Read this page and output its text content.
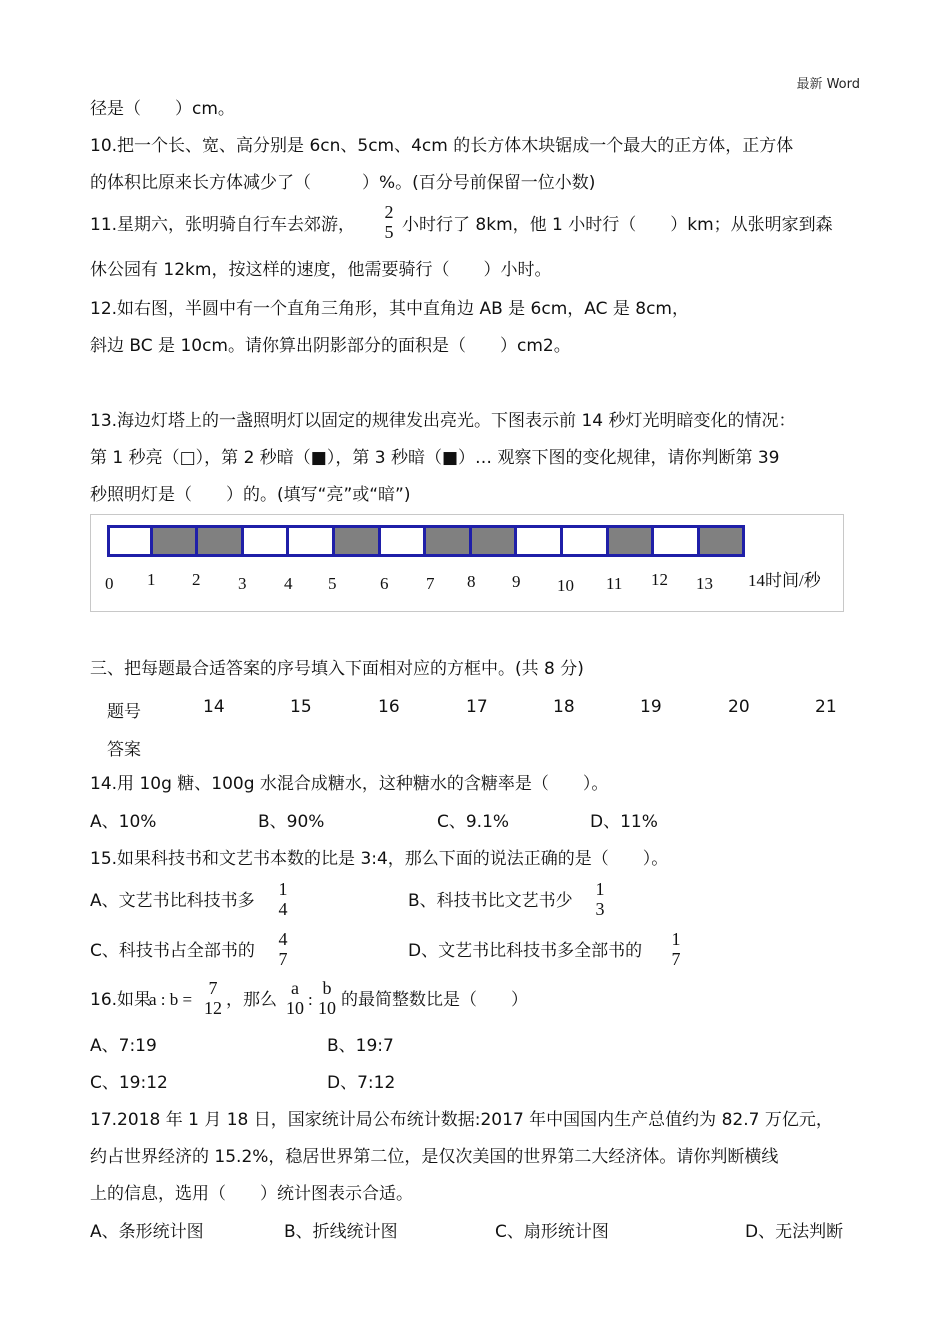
最新 Word
径是（　　）cm。
10.把一个长、宽、高分别是 6cn、5cm、4cm 的长方体木块锯成一个最大的正方体，正方体
的体积比原来长方体减少了（　　　）%。(百分号前保留一位小数)
11.星期六，张明骑自行车去郊游，
2
5 小时行了 8km，他 1 小时行（　　）km；从张明家到森
休公园有 12km，按这样的速度，他需要骑行（　　）小时。
12.如右图，半圆中有一个直角三角形，其中直角边 AB 是 6cm，AC 是 8cm，
斜边 BC 是 10cm。请你算出阴影部分的面积是（　　）cm2。
13.海边灯塔上的一盏照明灯以固定的规律发出亮光。下图表示前 14 秒灯光明暗变化的情况：
第 1 秒亮（□），第 2 秒暗（■），第 3 秒暗（■）… 观察下图的变化规律，请你判断第 39
秒照明灯是（　　）的。(填写“亮”或“暗”)
0 1 2 3 4 5	6 7 8 9 10 11 12 13 14时间/秒
三、把每题最合适答案的序号填入下面相对应的方框中。(共 8 分)
题号	14	15	16	17	18	19	20	21
答案
14.用 10g 糖、100g 水混合成糖水，这种糖水的含糖率是（　　）。
A、10%	B、90%	C、9.1%	D、11%
15.如果科技书和文艺书本数的比是 3:4，那么下面的说法正确的是（　　）。
A、文艺书比科技书多
1
4	B、科技书比文艺书少
1
3
C、科技书占全部书的
4
7	D、文艺书比科技书多全部书的
1
7
16.如果
a : b =
7
12 ，那么
a
10 :
b
10 的最简整数比是（　　）
A、7:19	B、19:7
C、19:12	D、7:12
17.2018 年 1 月 18 日，国家统计局公布统计数据:2017 年中国国内生产总值约为 82.7 万亿元，
约占世界经济的 15.2%，稳居世界第二位，是仅次美国的世界第二大经济体。请你判断横线
上的信息，选用（　　）统计图表示合适。
A、条形统计图	B、折线统计图	C、扇形统计图	D、无法判断
